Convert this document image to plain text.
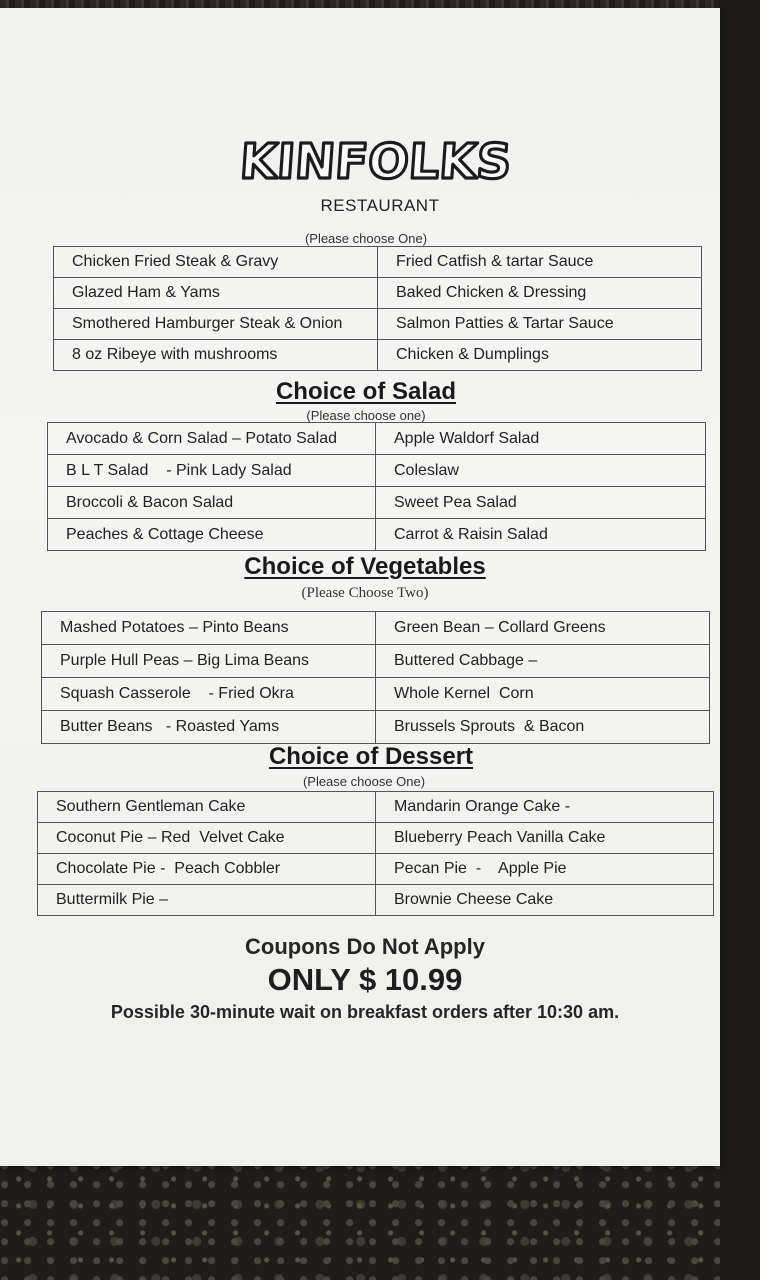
KINFOLKS
RESTAURANT
(Please choose One)
Chicken Fried Steak & Gravy	Fried Catfish & tartar Sauce
Glazed Ham & Yams	Baked Chicken & Dressing
Smothered Hamburger Steak & Onion	Salmon Patties & Tartar Sauce
8 oz Ribeye with mushrooms	Chicken & Dumplings
Choice of Salad
(Please choose one)
Avocado & Corn Salad – Potato Salad	Apple Waldorf Salad
B L T Salad    - Pink Lady Salad	Coleslaw
Broccoli & Bacon Salad	Sweet Pea Salad
Peaches & Cottage Cheese	Carrot & Raisin Salad
Choice of Vegetables
(Please Choose Two)
Mashed Potatoes – Pinto Beans	Green Bean – Collard Greens
Purple Hull Peas – Big Lima Beans	Buttered Cabbage –
Squash Casserole    - Fried Okra	Whole Kernel  Corn
Butter Beans   - Roasted Yams	Brussels Sprouts  & Bacon
Choice of Dessert
(Please choose One)
Southern Gentleman Cake	Mandarin Orange Cake -
Coconut Pie – Red  Velvet Cake	Blueberry Peach Vanilla Cake
Chocolate Pie -  Peach Cobbler	Pecan Pie  -    Apple Pie
Buttermilk Pie –	Brownie Cheese Cake
Coupons Do Not Apply
ONLY $ 10.99
Possible 30-minute wait on breakfast orders after 10:30 am.
